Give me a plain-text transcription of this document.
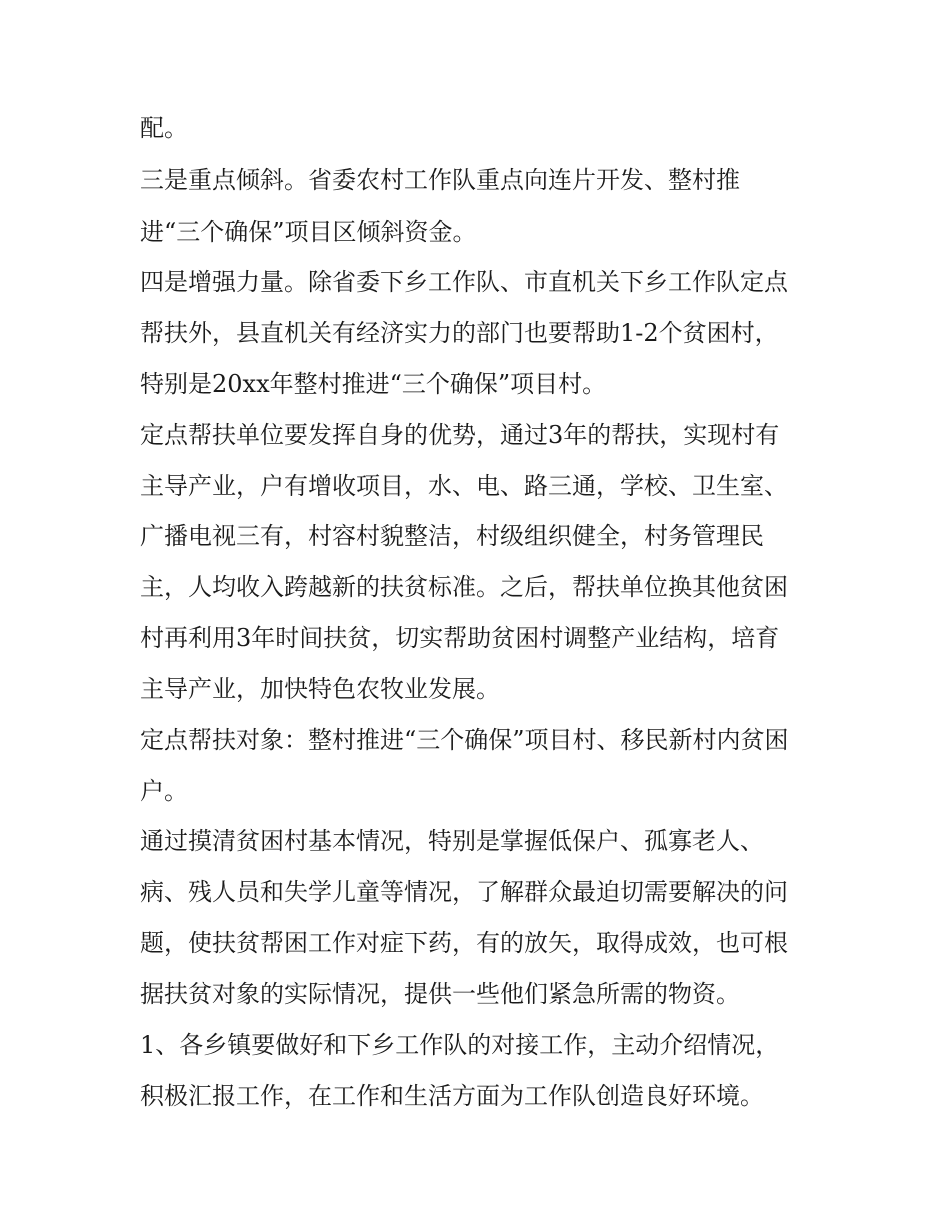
配。
三是重点倾斜。省委农村工作队重点向连片开发、整村推
进“三个确保”项目区倾斜资金。
四是增强力量。除省委下乡工作队、市直机关下乡工作队定点
帮扶外，县直机关有经济实力的部门也要帮助1-2个贫困村，
特别是20xx年整村推进“三个确保”项目村。
定点帮扶单位要发挥自身的优势，通过3年的帮扶，实现村有
主导产业，户有增收项目，水、电、路三通，学校、卫生室、
广播电视三有，村容村貌整洁，村级组织健全，村务管理民
主，人均收入跨越新的扶贫标准。之后，帮扶单位换其他贫困
村再利用3年时间扶贫，切实帮助贫困村调整产业结构，培育
主导产业，加快特色农牧业发展。
定点帮扶对象：整村推进“三个确保”项目村、移民新村内贫困
户。
通过摸清贫困村基本情况，特别是掌握低保户、孤寡老人、
病、残人员和失学儿童等情况，了解群众最迫切需要解决的问
题，使扶贫帮困工作对症下药，有的放矢，取得成效，也可根
据扶贫对象的实际情况，提供一些他们紧急所需的物资。
1、各乡镇要做好和下乡工作队的对接工作，主动介绍情况，
积极汇报工作，在工作和生活方面为工作队创造良好环境。
